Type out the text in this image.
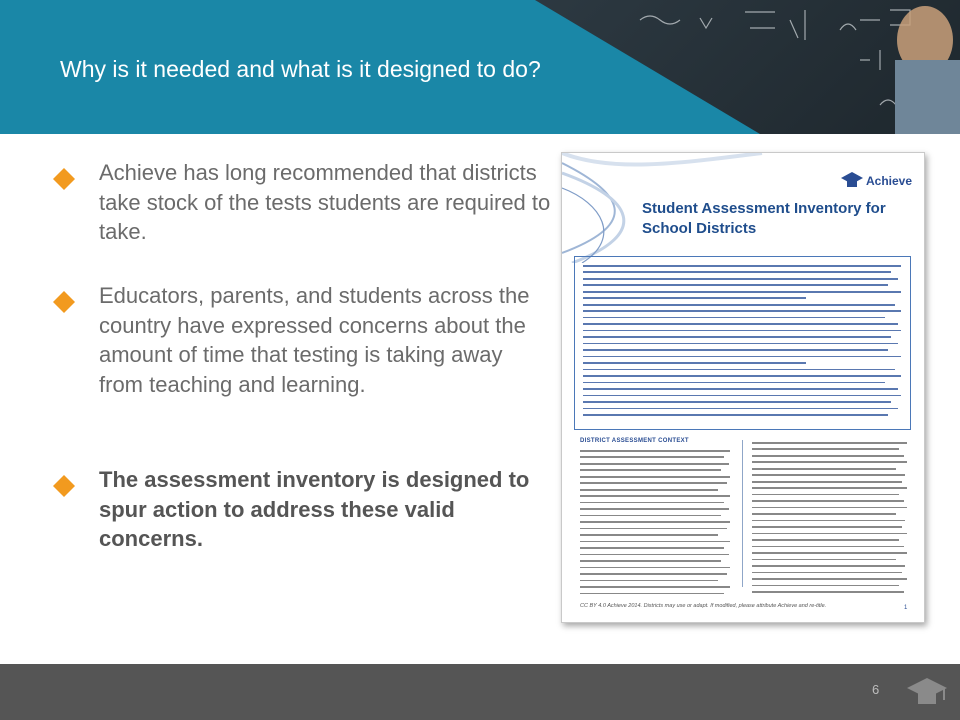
Why is it needed and what is it designed to do?
Achieve has long recommended that districts take stock of the tests students are required to take.
Educators, parents, and students across the country have expressed concerns about the amount of time that testing is taking away from teaching and learning.
The assessment inventory is designed to spur action to address these valid concerns.
Achieve
Student Assessment Inventory for School Districts
DISTRICT ASSESSMENT CONTEXT
CC BY 4.0 Achieve 2014. Districts may use or adapt. If modified, please attribute Achieve and re-title.	1
6
